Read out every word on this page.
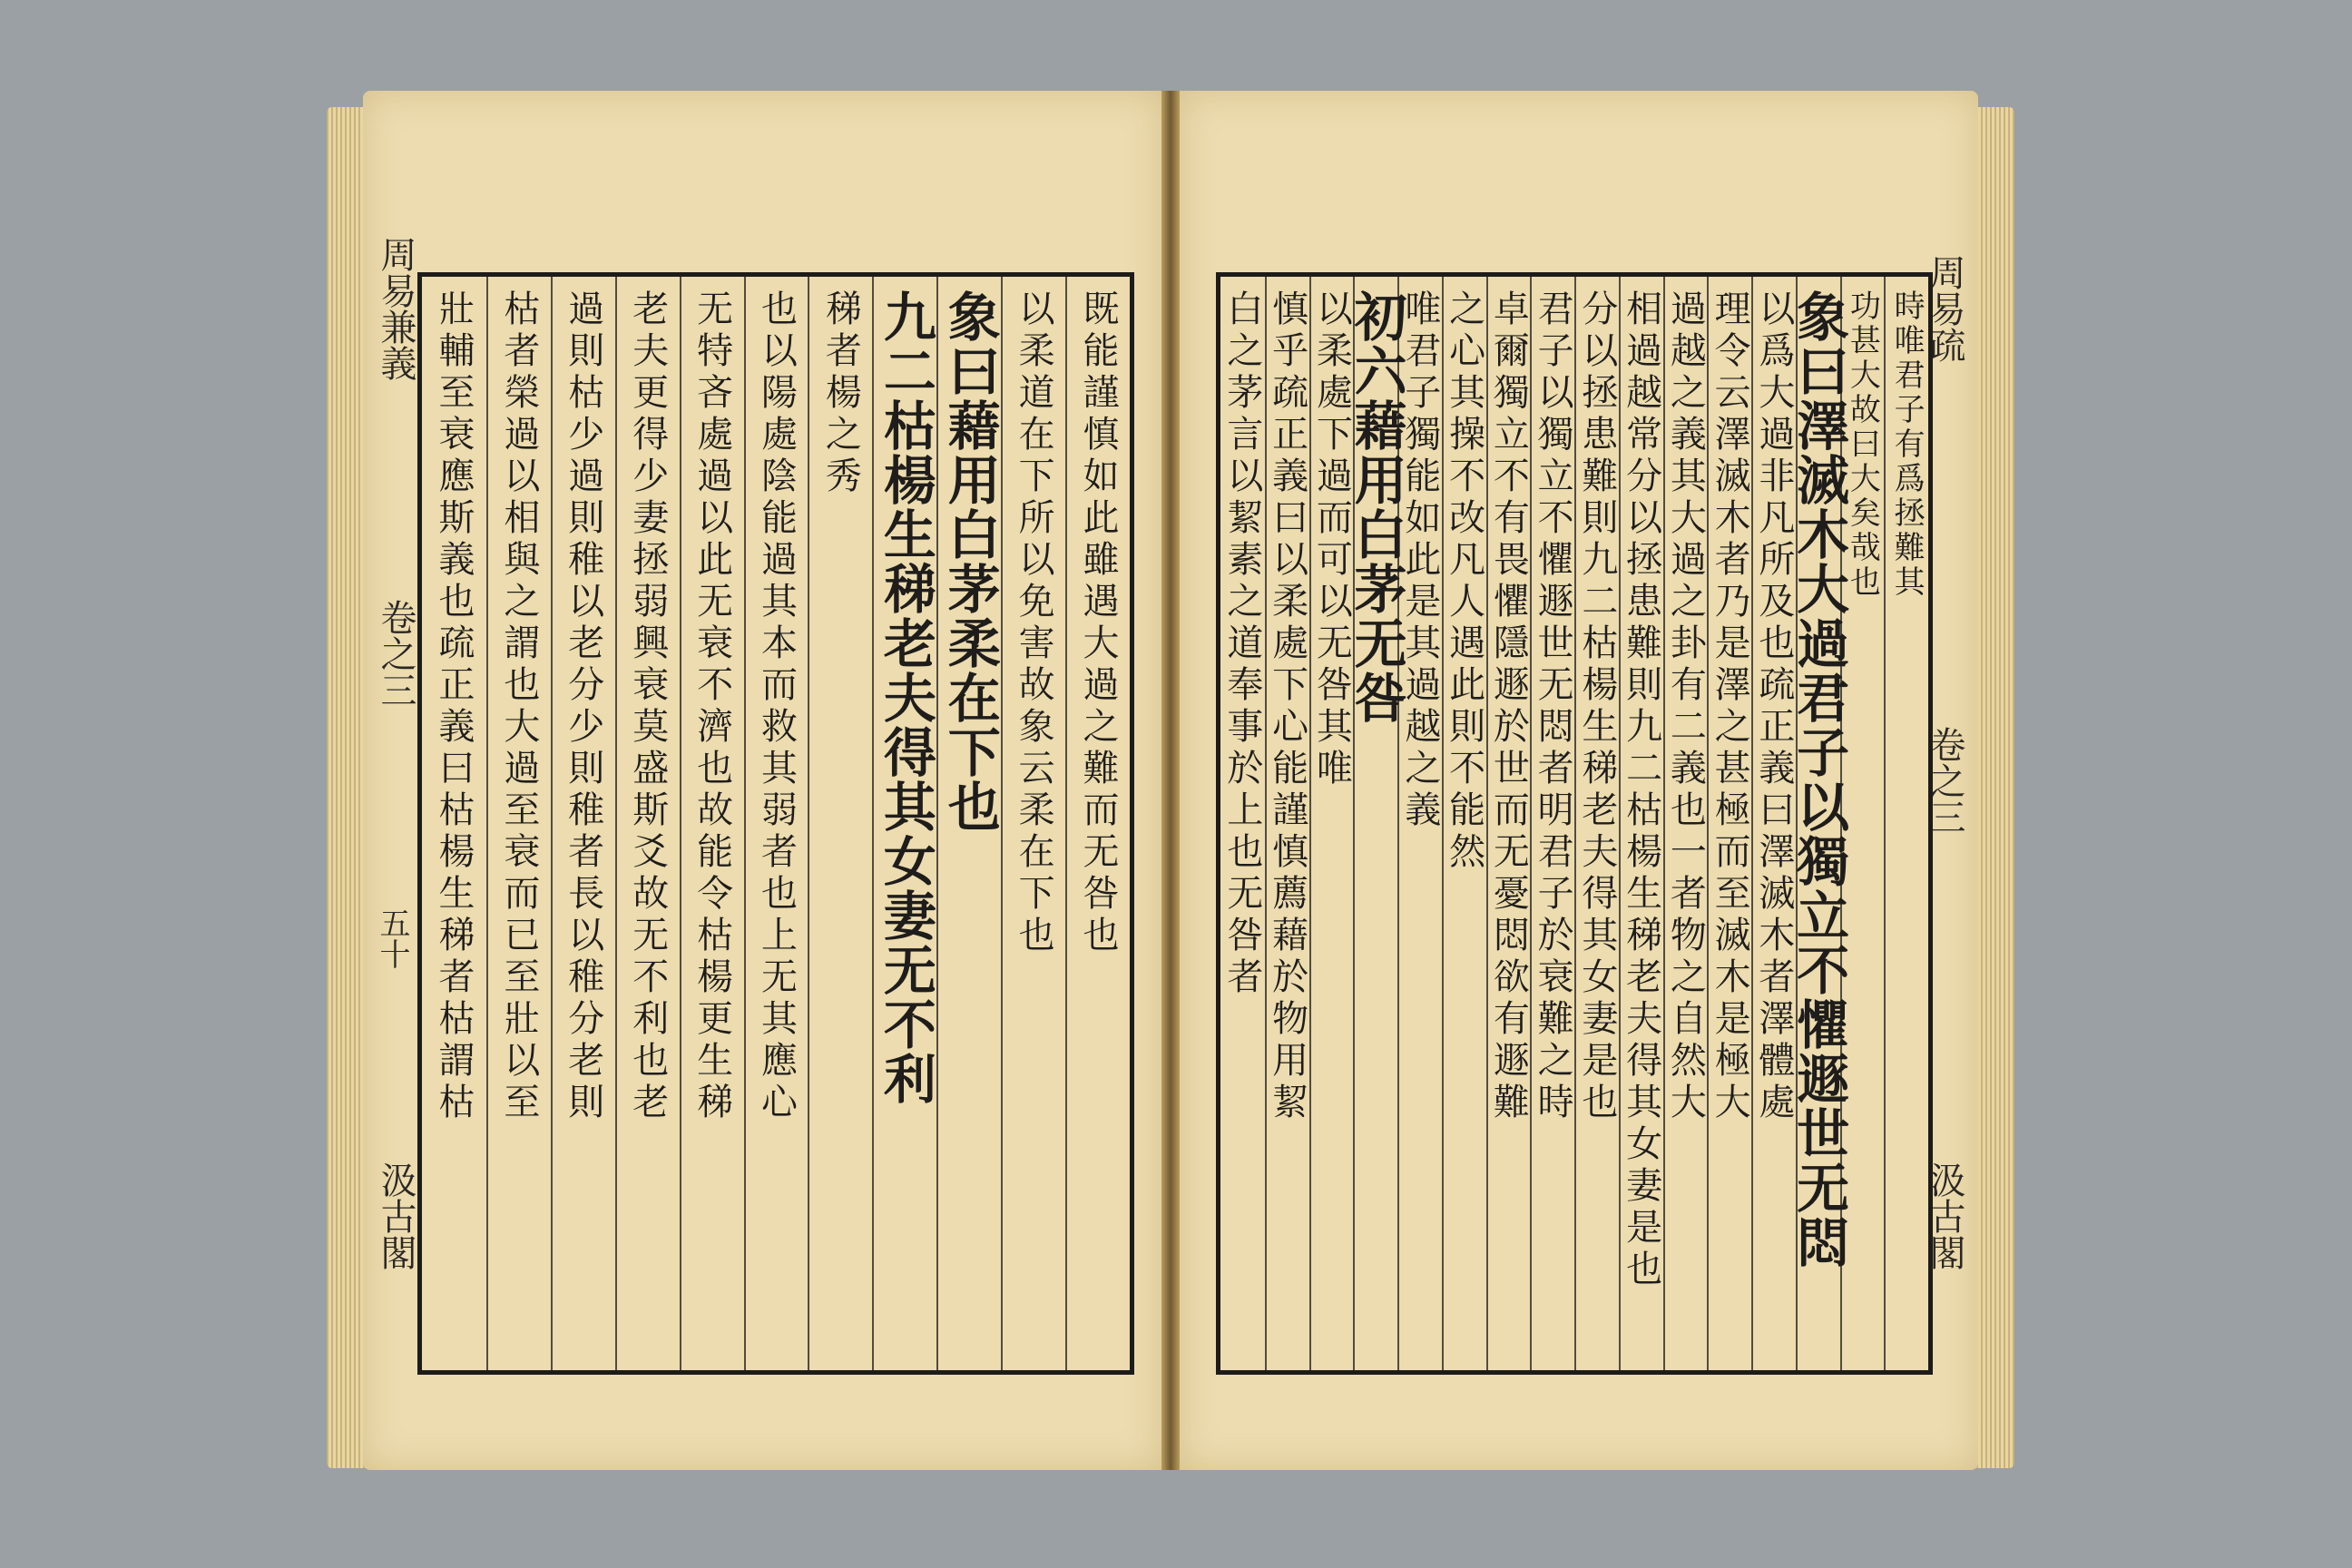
周易兼義
卷之三
五十
汲古閣
既能謹慎如此雖遇大過之難而无咎也
以柔道在下所以免害故象云柔在下也
象曰藉用白茅柔在下也
九二枯楊生稊老夫得其女妻无不利
稊者楊之秀
也以陽處陰能過其本而救其弱者也上无其應心
无特吝處過以此无衰不濟也故能令枯楊更生稊
老夫更得少妻拯弱興衰莫盛斯爻故无不利也老
過則枯少過則稚以老分少則稚者長以稚分老則
枯者榮過以相與之謂也大過至衰而已至壯以至
壯輔至衰應斯義也疏正義曰枯楊生稊者枯謂枯	周易疏
卷之三
汲古閣
時唯君子有爲拯難其
功甚大故曰大矣哉也
象曰澤滅木大過君子以獨立不懼遯世无悶
以爲大過非凡所及也疏正義曰澤滅木者澤體處
理令云澤滅木者乃是澤之甚極而至滅木是極大
過越之義其大過之卦有二義也一者物之自然大
相過越常分以拯患難則九二枯楊生稊老夫得其女妻是也
分以拯患難則九二枯楊生稊老夫得其女妻是也
君子以獨立不懼遯世无悶者明君子於衰難之時
卓爾獨立不有畏懼隱遯於世而无憂悶欲有遯難
之心其操不改凡人遇此則不能然
唯君子獨能如此是其過越之義
初六藉用白茅无咎
以柔處下過而可以无咎其唯
慎乎疏正義曰以柔處下心能謹慎薦藉於物用絜
白之茅言以絜素之道奉事於上也无咎者
